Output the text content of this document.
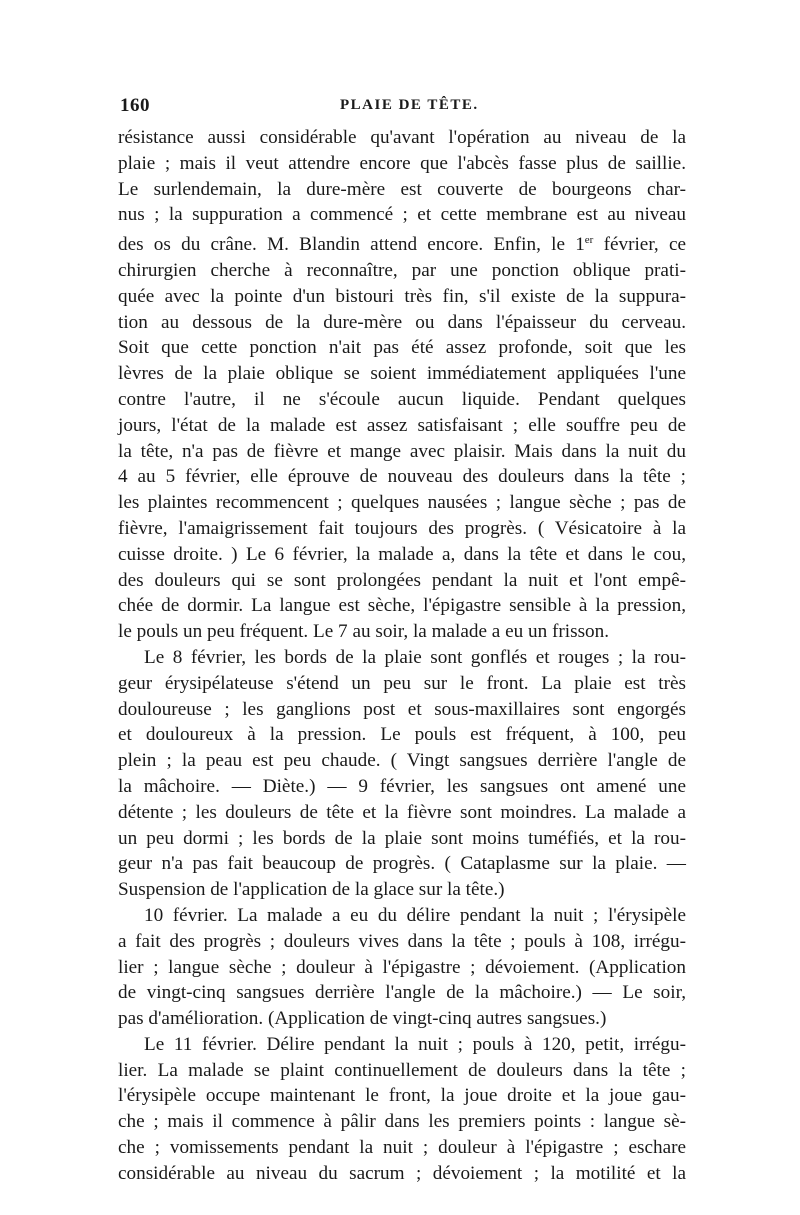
160	PLAIE DE TÊTE.
résistance aussi considérable qu'avant l'opération au niveau de la
plaie ; mais il veut attendre encore que l'abcès fasse plus de saillie.
Le surlendemain, la dure-mère est couverte de bourgeons char-
nus ; la suppuration a commencé ; et cette membrane est au niveau
des os du crâne. M. Blandin attend encore. Enfin, le 1er février, ce
chirurgien cherche à reconnaître, par une ponction oblique prati-
quée avec la pointe d'un bistouri très fin, s'il existe de la suppura-
tion au dessous de la dure-mère ou dans l'épaisseur du cerveau.
Soit que cette ponction n'ait pas été assez profonde, soit que les
lèvres de la plaie oblique se soient immédiatement appliquées l'une
contre l'autre, il ne s'écoule aucun liquide. Pendant quelques
jours, l'état de la malade est assez satisfaisant ; elle souffre peu de
la tête, n'a pas de fièvre et mange avec plaisir. Mais dans la nuit du
4 au 5 février, elle éprouve de nouveau des douleurs dans la tête ;
les plaintes recommencent ; quelques nausées ; langue sèche ; pas de
fièvre, l'amaigrissement fait toujours des progrès. ( Vésicatoire à la
cuisse droite. ) Le 6 février, la malade a, dans la tête et dans le cou,
des douleurs qui se sont prolongées pendant la nuit et l'ont empê-
chée de dormir. La langue est sèche, l'épigastre sensible à la pression,
le pouls un peu fréquent. Le 7 au soir, la malade a eu un frisson.
Le 8 février, les bords de la plaie sont gonflés et rouges ; la rou-
geur érysipélateuse s'étend un peu sur le front. La plaie est très
douloureuse ; les ganglions post et sous-maxillaires sont engorgés
et douloureux à la pression. Le pouls est fréquent, à 100, peu
plein ; la peau est peu chaude. ( Vingt sangsues derrière l'angle de
la mâchoire. — Diète.) — 9 février, les sangsues ont amené une
détente ; les douleurs de tête et la fièvre sont moindres. La malade a
un peu dormi ; les bords de la plaie sont moins tuméfiés, et la rou-
geur n'a pas fait beaucoup de progrès. ( Cataplasme sur la plaie. —
Suspension de l'application de la glace sur la tête.)
10 février. La malade a eu du délire pendant la nuit ; l'érysipèle
a fait des progrès ; douleurs vives dans la tête ; pouls à 108, irrégu-
lier ; langue sèche ; douleur à l'épigastre ; dévoiement. (Application
de vingt-cinq sangsues derrière l'angle de la mâchoire.) — Le soir,
pas d'amélioration. (Application de vingt-cinq autres sangsues.)
Le 11 février. Délire pendant la nuit ; pouls à 120, petit, irrégu-
lier. La malade se plaint continuellement de douleurs dans la tête ;
l'érysipèle occupe maintenant le front, la joue droite et la joue gau-
che ; mais il commence à pâlir dans les premiers points : langue sè-
che ; vomissements pendant la nuit ; douleur à l'épigastre ; eschare
considérable au niveau du sacrum ; dévoiement ; la motilité et la
